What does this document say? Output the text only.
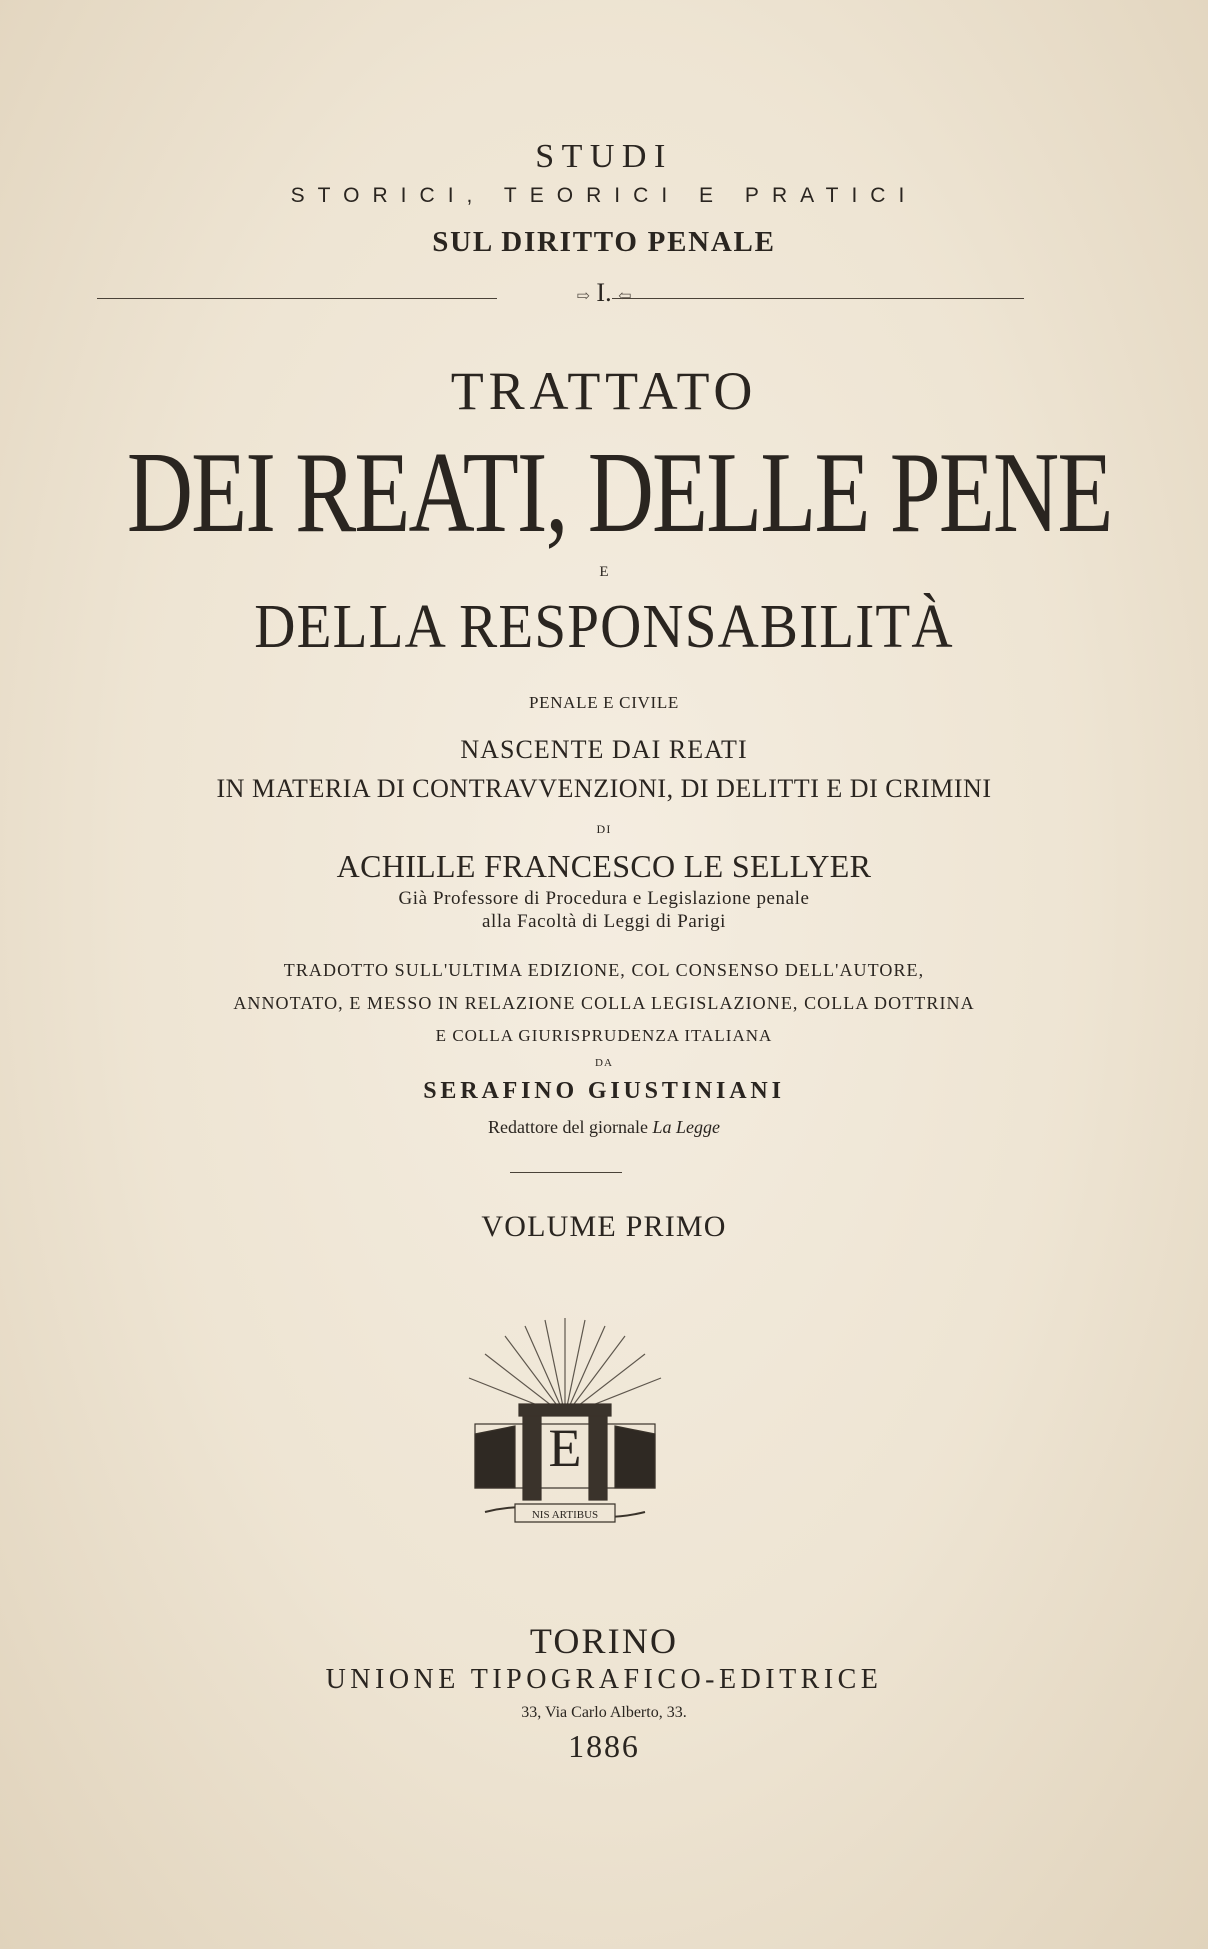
STUDI
STORICI, TEORICI E PRATICI
SUL DIRITTO PENALE
⇨ I. ⇦
TRATTATO
DEI REATI, DELLE PENE
E
DELLA RESPONSABILITÀ
PENALE E CIVILE
NASCENTE DAI REATI
IN MATERIA DI CONTRAVVENZIONI, DI DELITTI E DI CRIMINI
DI
ACHILLE FRANCESCO LE SELLYER
Già Professore di Procedura e Legislazione penale
alla Facoltà di Leggi di Parigi
TRADOTTO SULL'ULTIMA EDIZIONE, COL CONSENSO DELL'AUTORE,
ANNOTATO, E MESSO IN RELAZIONE COLLA LEGISLAZIONE, COLLA DOTTRINA
E COLLA GIURISPRUDENZA ITALIANA
DA
SERAFINO GIUSTINIANI
Redattore del giornale La Legge
VOLUME PRIMO
E
NIS ARTIBUS
TORINO
UNIONE TIPOGRAFICO-EDITRICE
33, Via Carlo Alberto, 33.
1886
